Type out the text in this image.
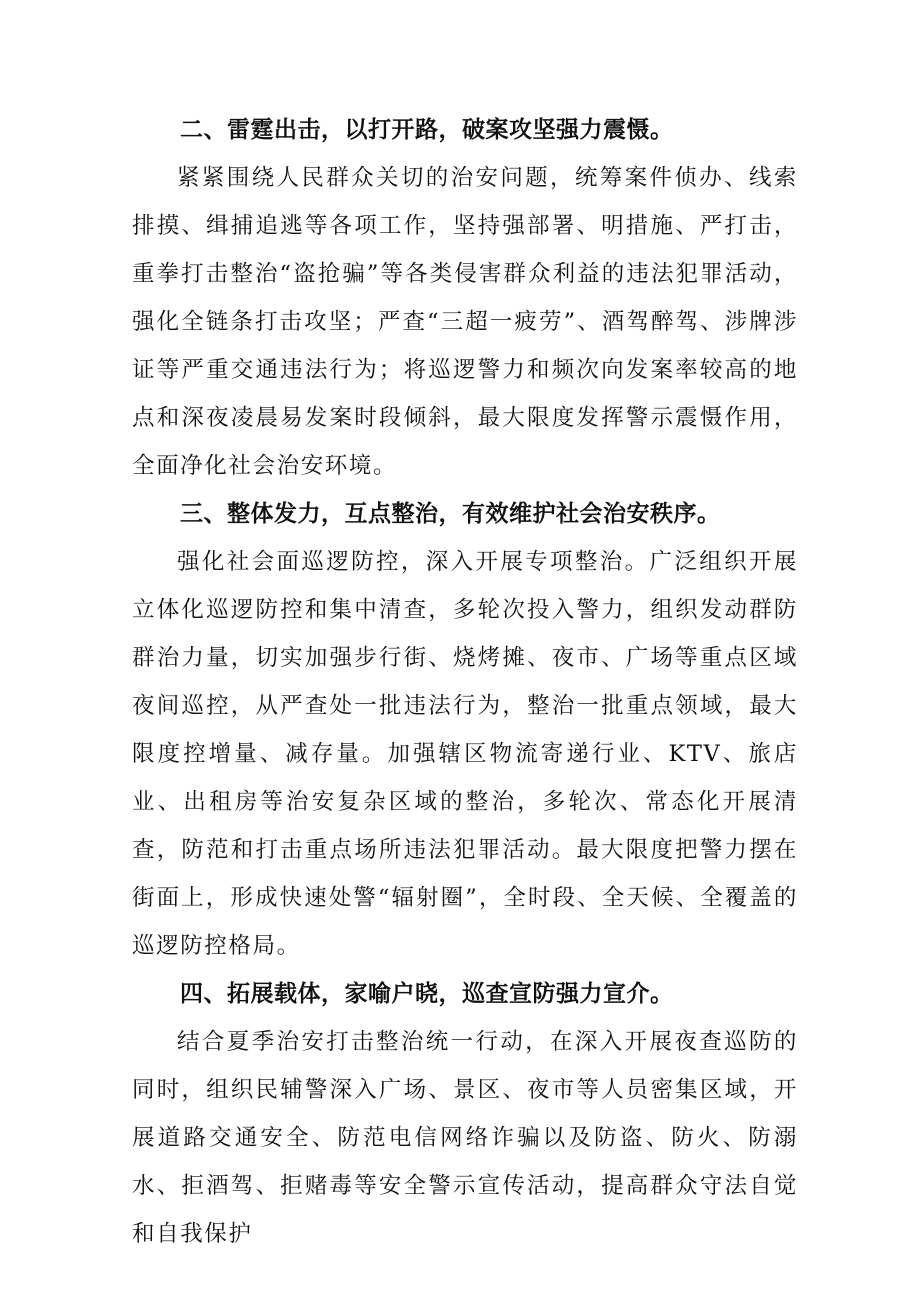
二、雷霆出击，以打开路，破案攻坚强力震慑。

紧紧围绕人民群众关切的治安问题，统筹案件侦办、线索排摸、缉捕追逃等各项工作，坚持强部署、明措施、严打击，重拳打击整治“盗抢骗”等各类侵害群众利益的违法犯罪活动，强化全链条打击攻坚；严查“三超一疲劳”、酒驾醉驾、涉牌涉证等严重交通违法行为；将巡逻警力和频次向发案率较高的地点和深夜凌晨易发案时段倾斜，最大限度发挥警示震慑作用，全面净化社会治安环境。

三、整体发力，互点整治，有效维护社会治安秩序。

强化社会面巡逻防控，深入开展专项整治。广泛组织开展立体化巡逻防控和集中清查，多轮次投入警力，组织发动群防群治力量，切实加强步行街、烧烤摊、夜市、广场等重点区域夜间巡控，从严查处一批违法行为，整治一批重点领域，最大限度控增量、减存量。加强辖区物流寄递行业、KTV、旅店业、出租房等治安复杂区域的整治，多轮次、常态化开展清查，防范和打击重点场所违法犯罪活动。最大限度把警力摆在街面上，形成快速处警“辐射圈”，全时段、全天候、全覆盖的巡逻防控格局。

四、拓展载体，家喻户晓，巡查宣防强力宣介。

结合夏季治安打击整治统一行动，在深入开展夜查巡防的同时，组织民辅警深入广场、景区、夜市等人员密集区域，开展道路交通安全、防范电信网络诈骗以及防盗、防火、防溺水、拒酒驾、拒赌毒等安全警示宣传活动，提高群众守法自觉和自我保护
